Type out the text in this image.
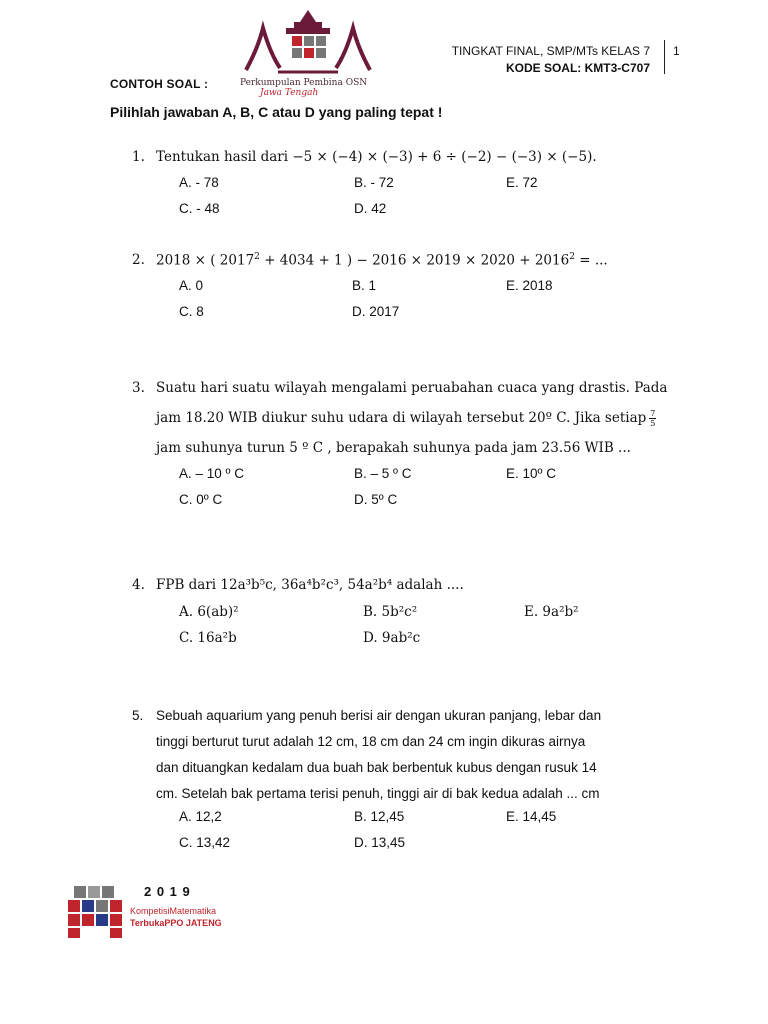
Perkumpulan Pembina OSN
Jawa Tengah
TINGKAT FINAL, SMP/MTs KELAS 7
KODE SOAL: KMT3-C707
1
CONTOH SOAL :
Pilihlah jawaban A, B, C atau D yang paling tepat !
1. Tentukan hasil dari −5 × (−4) × (−3) + 6 ÷ (−2) − (−3) × (−5).
A. - 78	B. - 72	E. 72
C. - 48	D. 42
2. 2018 × ( $2017^2 + 4034 + 1$ ) − $2016 \times 2019 \times 2020 + 2016^2$ = ...
A. 0	B. 1	E. 2018
C. 8	D. 2017
3. Suatu hari suatu wilayah mengalami peruabahan cuaca yang drastis. Pada
jam 18.20 WIB diukur suhu udara di wilayah tersebut 20º C. Jika setiap $\frac{7}{5}$
jam suhunya turun 5 º C , berapakah suhunya pada jam 23.56 WIB ...
A. – 10 º C	B. – 5 º C	E. 10º C
C. 0º C	D. 5º C
4. FPB dari 12a³b⁵c, 36a⁴b²c³, 54a²b⁴ adalah ....
A. 6(ab)²	B. 5b²c²	E. 9a²b²
C. 16a²b	D. 9ab²c
5. Sebuah aquarium yang penuh berisi air dengan ukuran panjang, lebar dan
tinggi berturut turut adalah 12 cm, 18 cm dan 24 cm ingin dikuras airnya
dan dituangkan kedalam dua buah bak berbentuk kubus dengan rusuk 14
cm. Setelah bak pertama terisi penuh, tinggi air di bak kedua adalah ... cm
A. 12,2	B. 12,45	E. 14,45
C. 13,42	D. 13,45
2 0 1 9
KompetisiMatematika
TerbukaPPO JATENG
